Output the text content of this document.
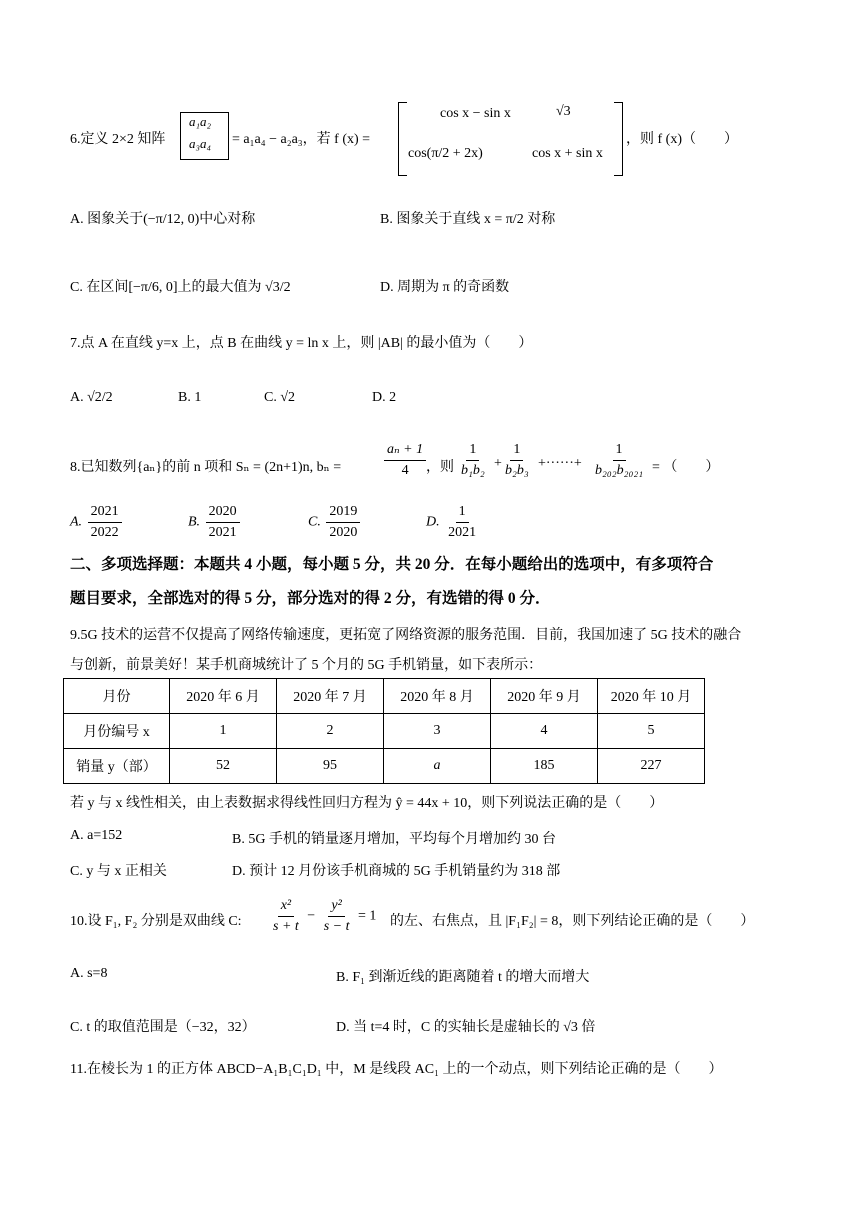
6.定义 2×2 知阵
a₁a₂
a₃a₄ = a₁a₄ − a₂a₃，若 f (x) =
cos x − sin x	√3
cos(π/2 + 2x)	cos x + sin x
，则 f (x)（　　）
A. 图象关于(−π/12, 0)中心对称	B. 图象关于直线 x = π/2 对称
C. 在区间[−π/6, 0]上的最大值为 √3/2	D. 周期为 π 的奇函数
7.点 A 在直线 y=x 上，点 B 在曲线 y = ln x 上，则 |AB| 的最小值为（　　）
A. √2/2	B. 1	C. √2	D. 2
8.已知数列{aₙ}的前 n 项和 Sₙ = (2n+1)n, bₙ =	$\frac{\text{aₙ + 1}}{4}$ ，则 $\frac{1}{\text{b₁b₂}} + \frac{1}{\text{b₂b₃}}$ +······+ $\frac{1}{\text{b₂₀₂b₂₀₂₁}}$ = （　　）
A. $\frac{2021}{2022}$	B. $\frac{2020}{2021}$	C. $\frac{2019}{2020}$	D. $\frac{1}{2021}$
二、多项选择题：本题共 4 小题，每小题 5 分，共 20 分．在每小题给出的选项中，有多项符合
题目要求，全部选对的得 5 分，部分选对的得 2 分，有选错的得 0 分．
9.5G 技术的运营不仅提高了网络传输速度，更拓宽了网络资源的服务范围．目前，我国加速了 5G 技术的融合
与创新，前景美好！某手机商城统计了 5 个月的 5G 手机销量，如下表所示：
月份	2020 年 6 月	2020 年 7 月	2020 年 8 月	2020 年 9 月	2020 年 10 月
月份编号 x	1	2	3	4	5
销量 y（部）	52	95	a	185	227
若 y 与 x 线性相关，由上表数据求得线性回归方程为 ŷ = 44x + 10，则下列说法正确的是（　　）
A. a=152	B. 5G 手机的销量逐月增加，平均每个月增加约 30 台
C. y 与 x 正相关	D. 预计 12 月份该手机商城的 5G 手机销量约为 318 部
10.设 F₁, F₂ 分别是双曲线 C: $\frac{\text{x²}}{s + t} - \frac{\text{y²}}{s - t} = 1$ 的左、右焦点，且 |F₁F₂| = 8，则下列结论正确的是（　　）
A. s=8	B. F₁ 到渐近线的距离随着 t 的增大而增大
C. t 的取值范围是（−32，32）	D. 当 t=4 时，C 的实轴长是虚轴长的 √3 倍
11.在棱长为 1 的正方体 ABCD−A₁B₁C₁D₁ 中，M 是线段 AC₁ 上的一个动点，则下列结论正确的是（　　）
